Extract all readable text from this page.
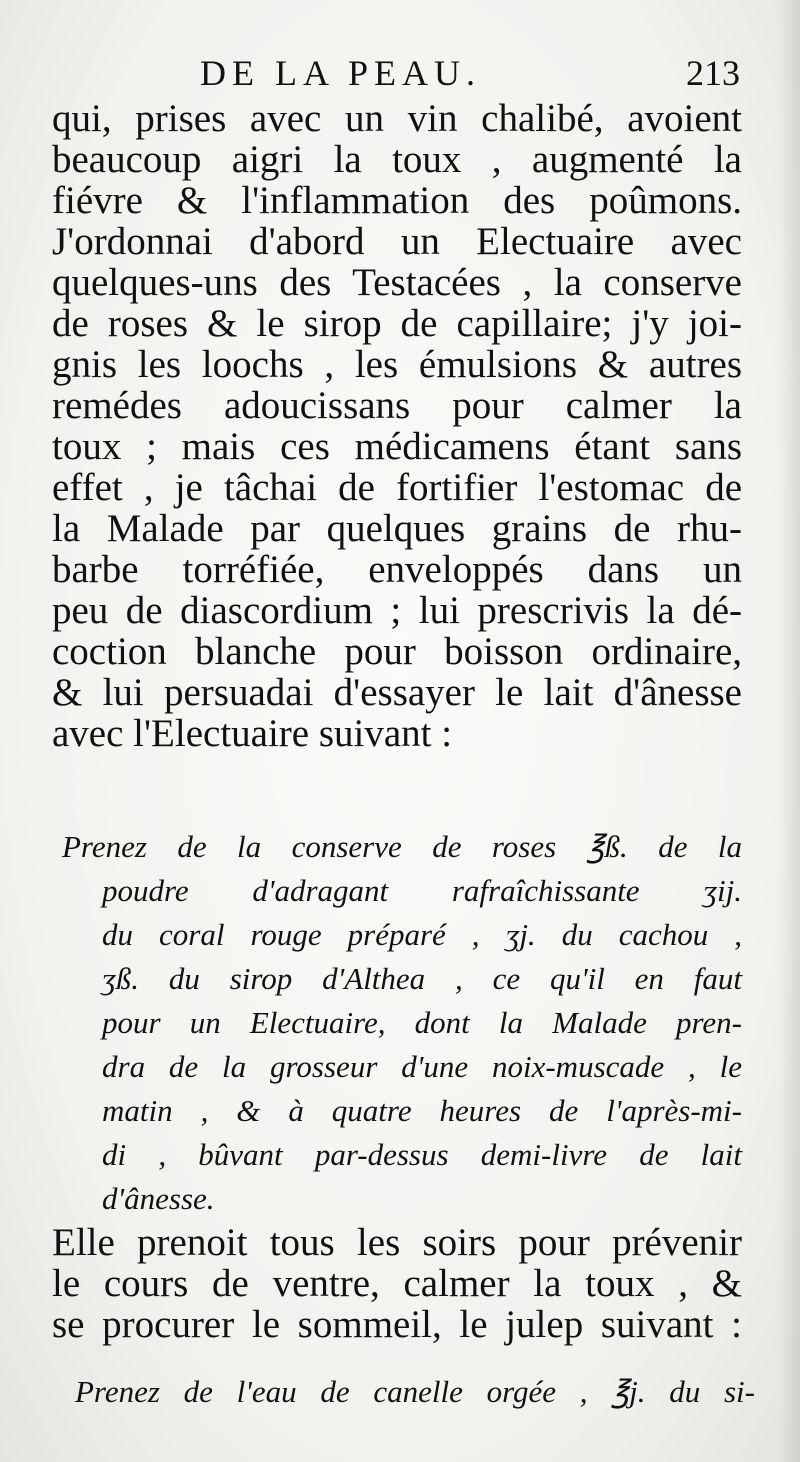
DE LA PEAU.	213
qui, prises avec un vin chalibé, avoient
beaucoup aigri la toux , augmenté la
fiévre & l'inflammation des poûmons.
J'ordonnai d'abord un Electuaire avec
quelques-uns des Testacées , la conserve
de roses & le sirop de capillaire; j'y joi-
gnis les loochs , les émulsions & autres
remédes adoucissans pour calmer la
toux ; mais ces médicamens étant sans
effet , je tâchai de fortifier l'estomac de
la Malade par quelques grains de rhu-
barbe torréfiée, enveloppés dans un
peu de diascordium ; lui prescrivis la dé-
coction blanche pour boisson ordinaire,
& lui persuadai d'essayer le lait d'ânesse
avec l'Electuaire suivant :
Prenez de la conserve de roses ℥ß. de la
poudre d'adragant rafraîchissante ʒij.
du coral rouge préparé , ʒj. du cachou ,
ʒß. du sirop d'Althea , ce qu'il en faut
pour un Electuaire, dont la Malade pren-
dra de la grosseur d'une noix-muscade , le
matin , & à quatre heures de l'après-mi-
di , bûvant par-dessus demi-livre de lait
d'ânesse.
Elle prenoit tous les soirs pour prévenir
le cours de ventre, calmer la toux , &
se procurer le sommeil, le julep suivant :
Prenez de l'eau de canelle orgée , ℥j. du si-
